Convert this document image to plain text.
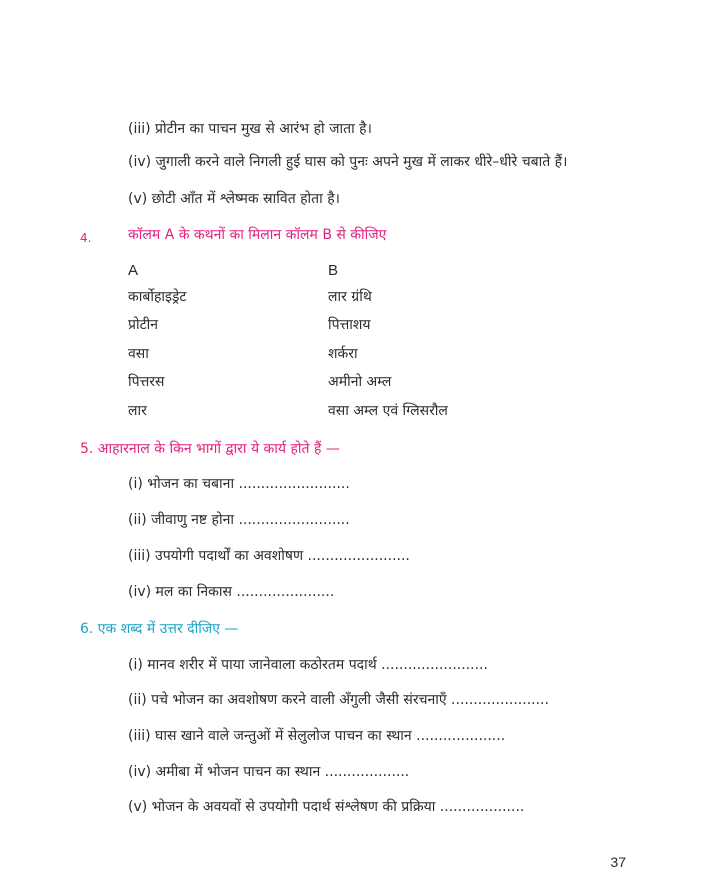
(iii) प्रोटीन का पाचन मुख से आरंभ हो जाता है।
(iv) जुगाली करने वाले निगली हुई घास को पुनः अपने मुख में लाकर धीरे–धीरे चबाते हैं।
(v) छोटी आँत में श्लेष्मक स्रावित होता है।
4.	कॉलम A के कथनों का मिलान कॉलम B से कीजिए
A	B
कार्बोहाइड्रेट	लार ग्रंथि
प्रोटीन	पित्ताशय
वसा	शर्करा
पित्तरस	अमीनो अम्ल
लार	वसा अम्ल एवं ग्लिसरौल
5. आहारनाल के किन भागों द्वारा ये कार्य होते हैं —
(i) भोजन का चबाना .........................
(ii) जीवाणु नष्ट होना .........................
(iii) उपयोगी पदार्थों का अवशोषण .......................
(iv) मल का निकास ......................
6. एक शब्द में उत्तर दीजिए —
(i) मानव शरीर में पाया जानेवाला कठोरतम पदार्थ ........................
(ii) पचे भोजन का अवशोषण करने वाली अँगुली जैसी संरचनाएँ ......................
(iii) घास खाने वाले जन्तुओं में सेलुलोज पाचन का स्थान ....................
(iv) अमीबा में भोजन पाचन का स्थान ...................
(v) भोजन के अवयवों से उपयोगी पदार्थ संश्लेषण की प्रक्रिया ...................
37
